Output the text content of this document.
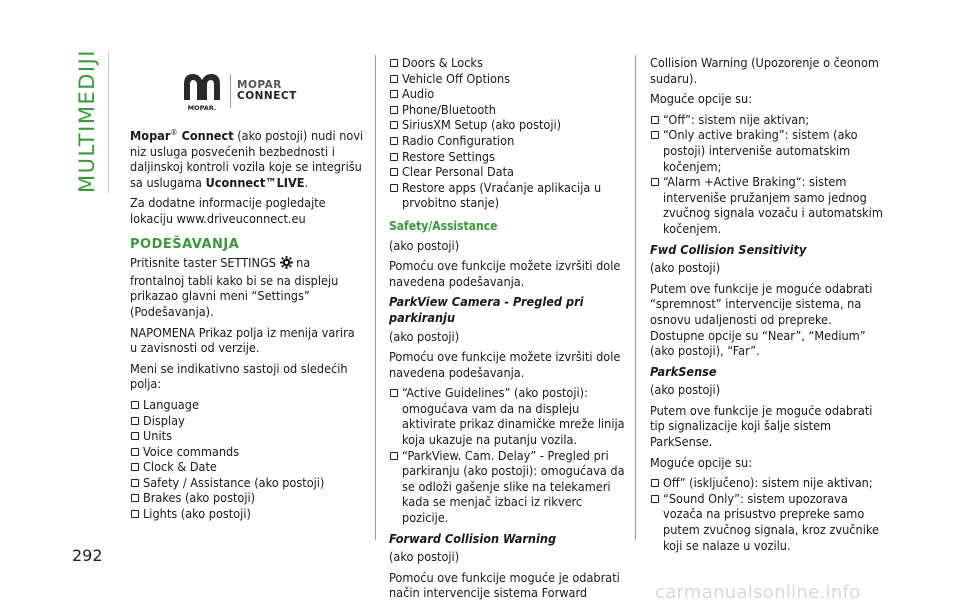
MULTIMEDIJI
292
MOPAR.
MOPAR
CONNECT

Mopar® Connect (ako postoji) nudi novi niz usluga posvećenih bezbednosti i daljinskoj kontroli vozila koje se integrišu sa uslugama Uconnect™LIVE.

Za dodatne informacije pogledajte lokaciju www.driveuconnect.eu

PODEŠAVANJA

Pritisnite taster SETTINGS  na frontalnoj tabli kako bi se na displeju prikazao glavni meni “Settings” (Podešavanja).

NAPOMENA Prikaz polja iz menija varira u zavisnosti od verzije.

Meni se indikativno sastoji od sledećih polja:

Language
Display
Units
Voice commands
Clock & Date
Safety / Assistance (ako postoji)
Brakes (ako postoji)
Lights (ako postoji)
Doors & Locks
Vehicle Off Options
Audio
Phone/Bluetooth
SiriusXM Setup (ako postoji)
Radio Configuration
Restore Settings
Clear Personal Data
Restore apps (Vraćanje aplikacija u prvobitno stanje)

Safety/Assistance

(ako postoji)

Pomoću ove funkcije možete izvršiti dole navedena podešavanja.

ParkView Camera - Pregled pri parkiranju

(ako postoji)

Pomoću ove funkcije možete izvršiti dole navedena podešavanja.

“Active Guidelines” (ako postoji): omogućava vam da na displeju aktivirate prikaz dinamičke mreže linija koja ukazuje na putanju vozila.
“ParkView. Cam. Delay” - Pregled pri parkiranju (ako postoji): omogućava da se odloži gašenje slike na telekameri kada se menjač izbaci iz rikverc pozicije.

Forward Collision Warning

(ako postoji)

Pomoću ove funkcije moguće je odabrati način intervencije sistema Forward

Collision Warning (Upozorenje o čeonom sudaru).

Moguće opcije su:

“Off”: sistem nije aktivan;
“Only active braking”: sistem (ako postoji) interveniše automatskim kočenjem;
“Alarm +Active Braking“: sistem interveniše pružanjem samo jednog zvučnog signala vozaču i automatskim kočenjem.

Fwd Collision Sensitivity

(ako postoji)

Putem ove funkcije je moguće odabrati “spremnost” intervencije sistema, na osnovu udaljenosti od prepreke. Dostupne opcije su “Near”, “Medium” (ako postoji), “Far”.

ParkSense

(ako postoji)

Putem ove funkcije je moguće odabrati tip signalizacije koji šalje sistem ParkSense.

Moguće opcije su:

Off” (isključeno): sistem nije aktivan;
“Sound Only”: sistem upozorava vozača na prisustvo prepreke samo putem zvučnog signala, kroz zvučnike koji se nalaze u vozilu.
carmanualsonline.info
